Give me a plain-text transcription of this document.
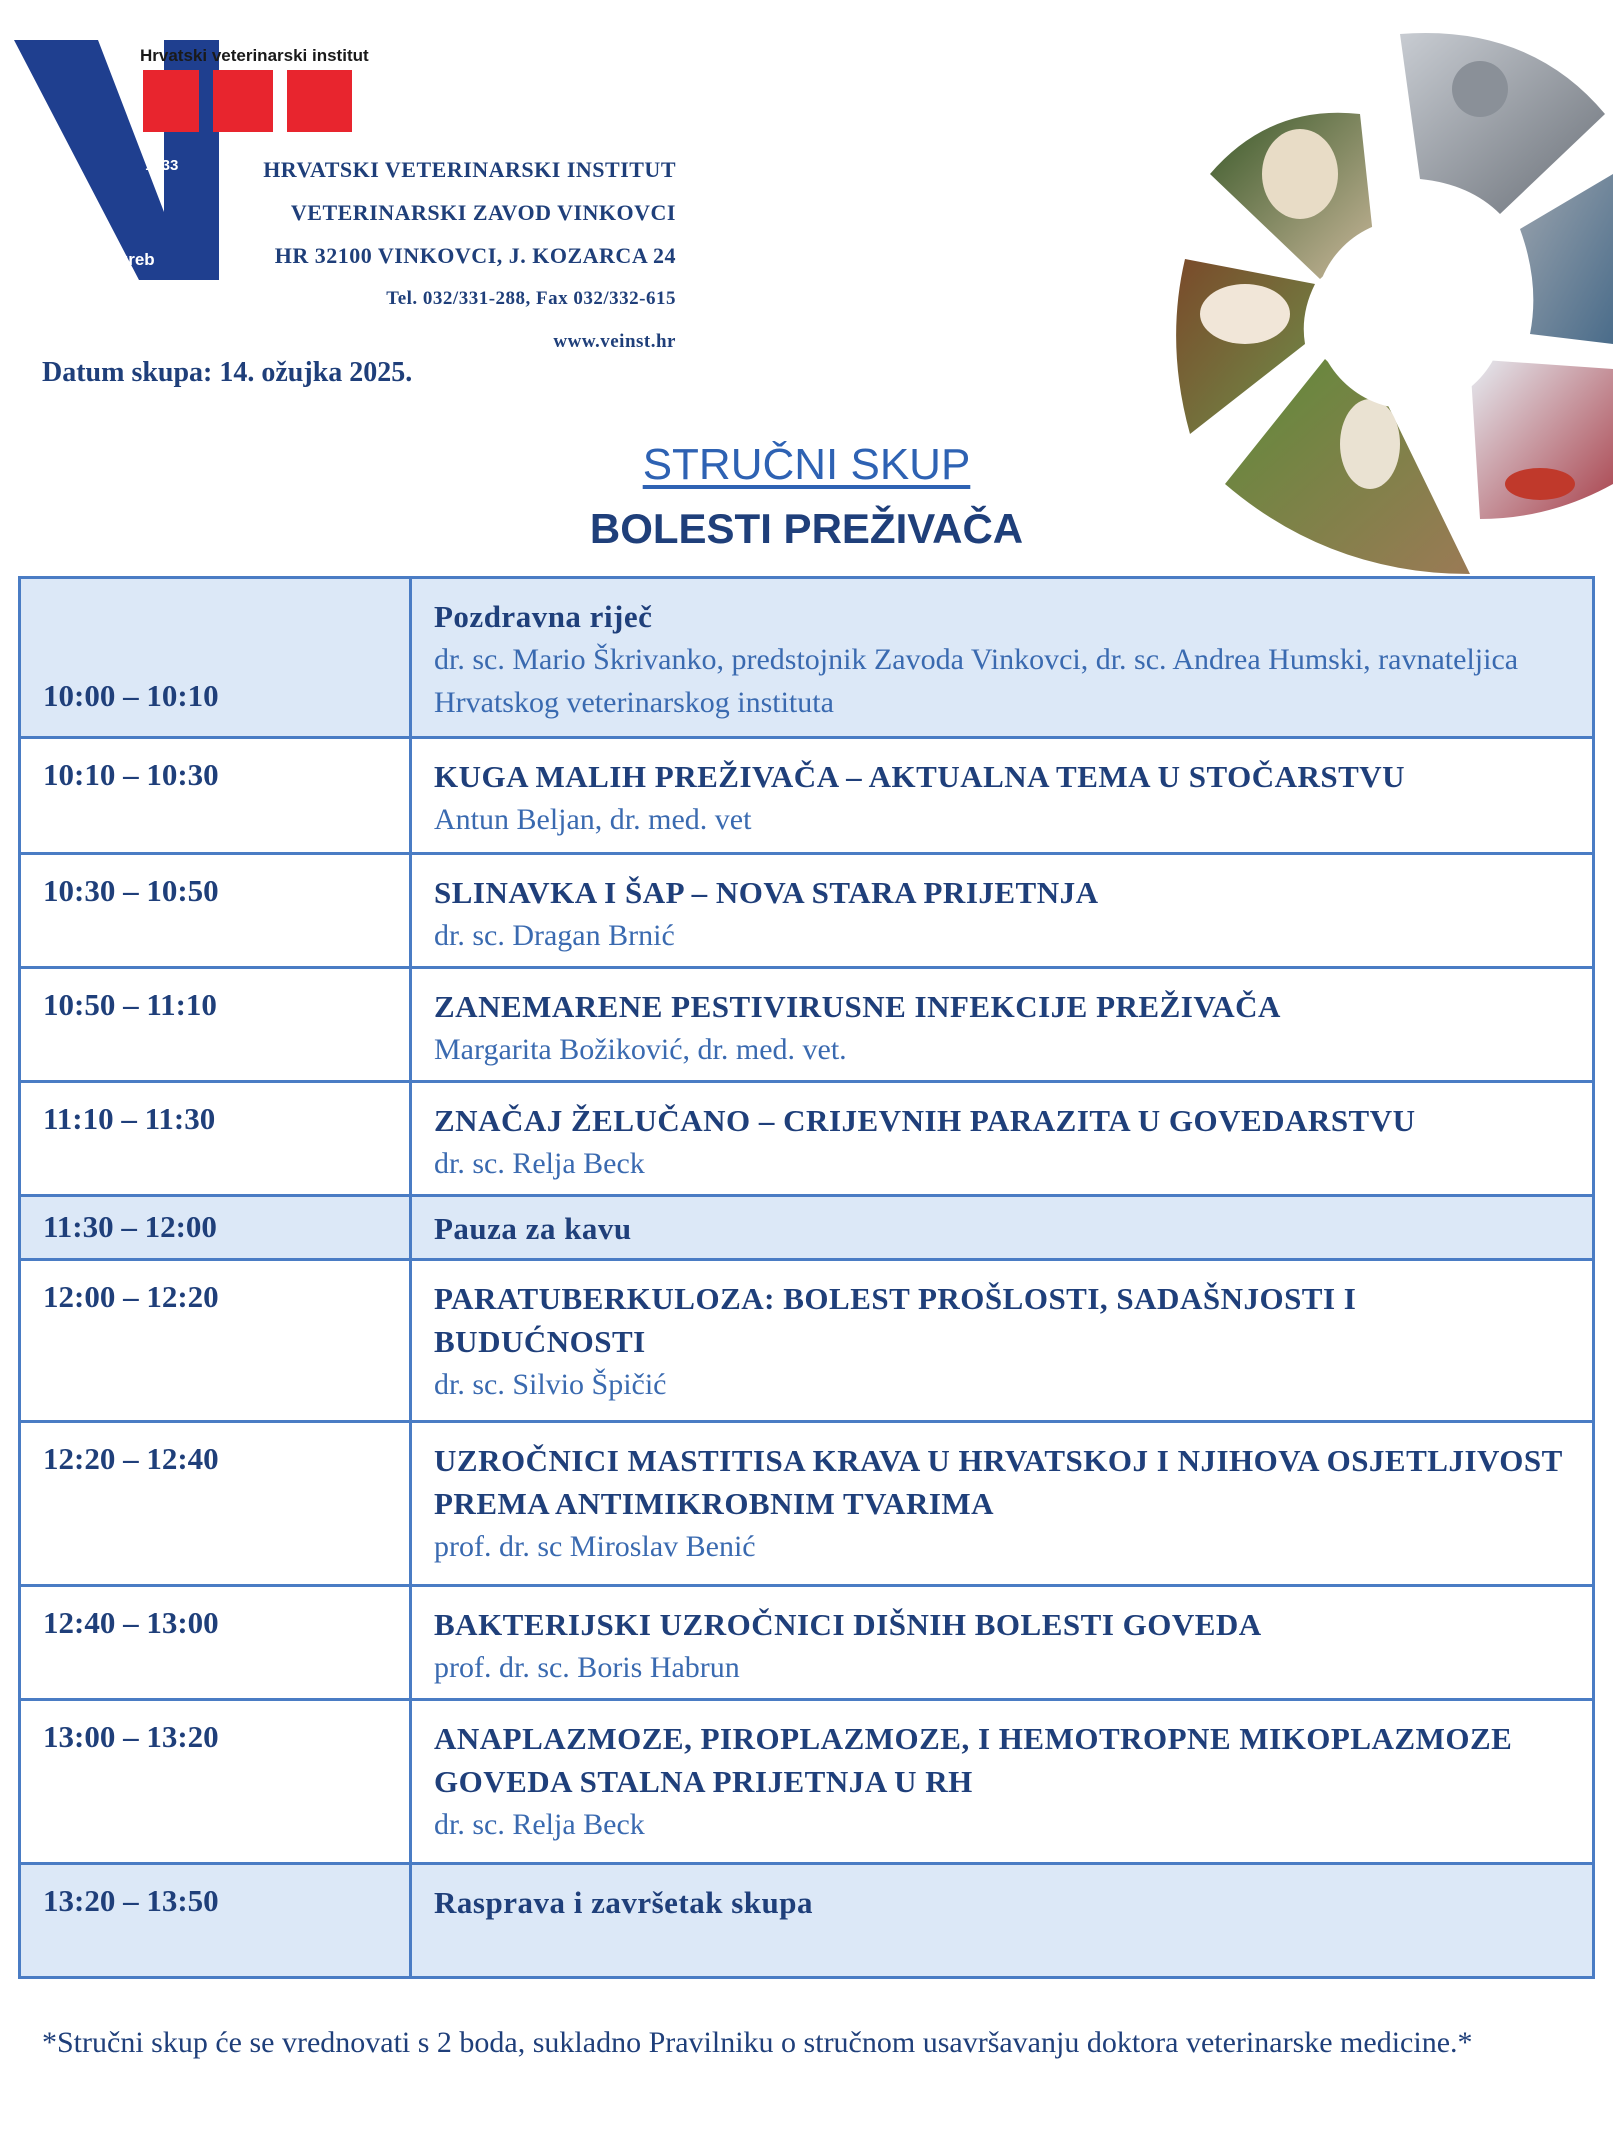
Hrvatski veterinarski institut
1933
Zagreb
HRVATSKI VETERINARSKI INSTITUT
VETERINARSKI ZAVOD VINKOVCI
HR 32100 VINKOVCI, J. KOZARCA 24
Tel. 032/331-288, Fax 032/332-615
www.veinst.hr
Datum skupa: 14. ožujka 2025.
STRUČNI SKUP
BOLESTI PREŽIVAČA
10:00 – 10:10	Pozdravna riječ
dr. sc. Mario Škrivanko, predstojnik Zavoda Vinkovci, dr. sc. Andrea Humski, ravnateljica Hrvatskog veterinarskog instituta

10:10 – 10:30	KUGA MALIH PREŽIVAČA – AKTUALNA TEMA U STOČARSTVU
Antun Beljan, dr. med. vet

10:30 – 10:50	SLINAVKA I ŠAP – NOVA STARA PRIJETNJA
dr. sc. Dragan Brnić

10:50 – 11:10	ZANEMARENE PESTIVIRUSNE INFEKCIJE PREŽIVAČA
Margarita Božiković, dr. med. vet.

11:10 – 11:30	ZNAČAJ ŽELUČANO – CRIJEVNIH PARAZITA U GOVEDARSTVU
dr. sc. Relja Beck

11:30 – 12:00	Pauza za kavu

12:00 – 12:20	PARATUBERKULOZA: BOLEST PROŠLOSTI, SADAŠNJOSTI I BUDUĆNOSTI
dr. sc. Silvio Špičić

12:20 – 12:40	UZROČNICI MASTITISA KRAVA U HRVATSKOJ I NJIHOVA OSJETLJIVOST PREMA ANTIMIKROBNIM TVARIMA
prof. dr. sc Miroslav Benić

12:40 – 13:00	BAKTERIJSKI UZROČNICI DIŠNIH BOLESTI GOVEDA
prof. dr. sc. Boris Habrun

13:00 – 13:20	ANAPLAZMOZE, PIROPLAZMOZE, I HEMOTROPNE MIKOPLAZMOZE GOVEDA STALNA PRIJETNJA U RH
dr. sc. Relja Beck

13:20 – 13:50	Rasprava i završetak skupa
*Stručni skup će se vrednovati s 2 boda, sukladno Pravilniku o stručnom usavršavanju doktora veterinarske medicine.*
